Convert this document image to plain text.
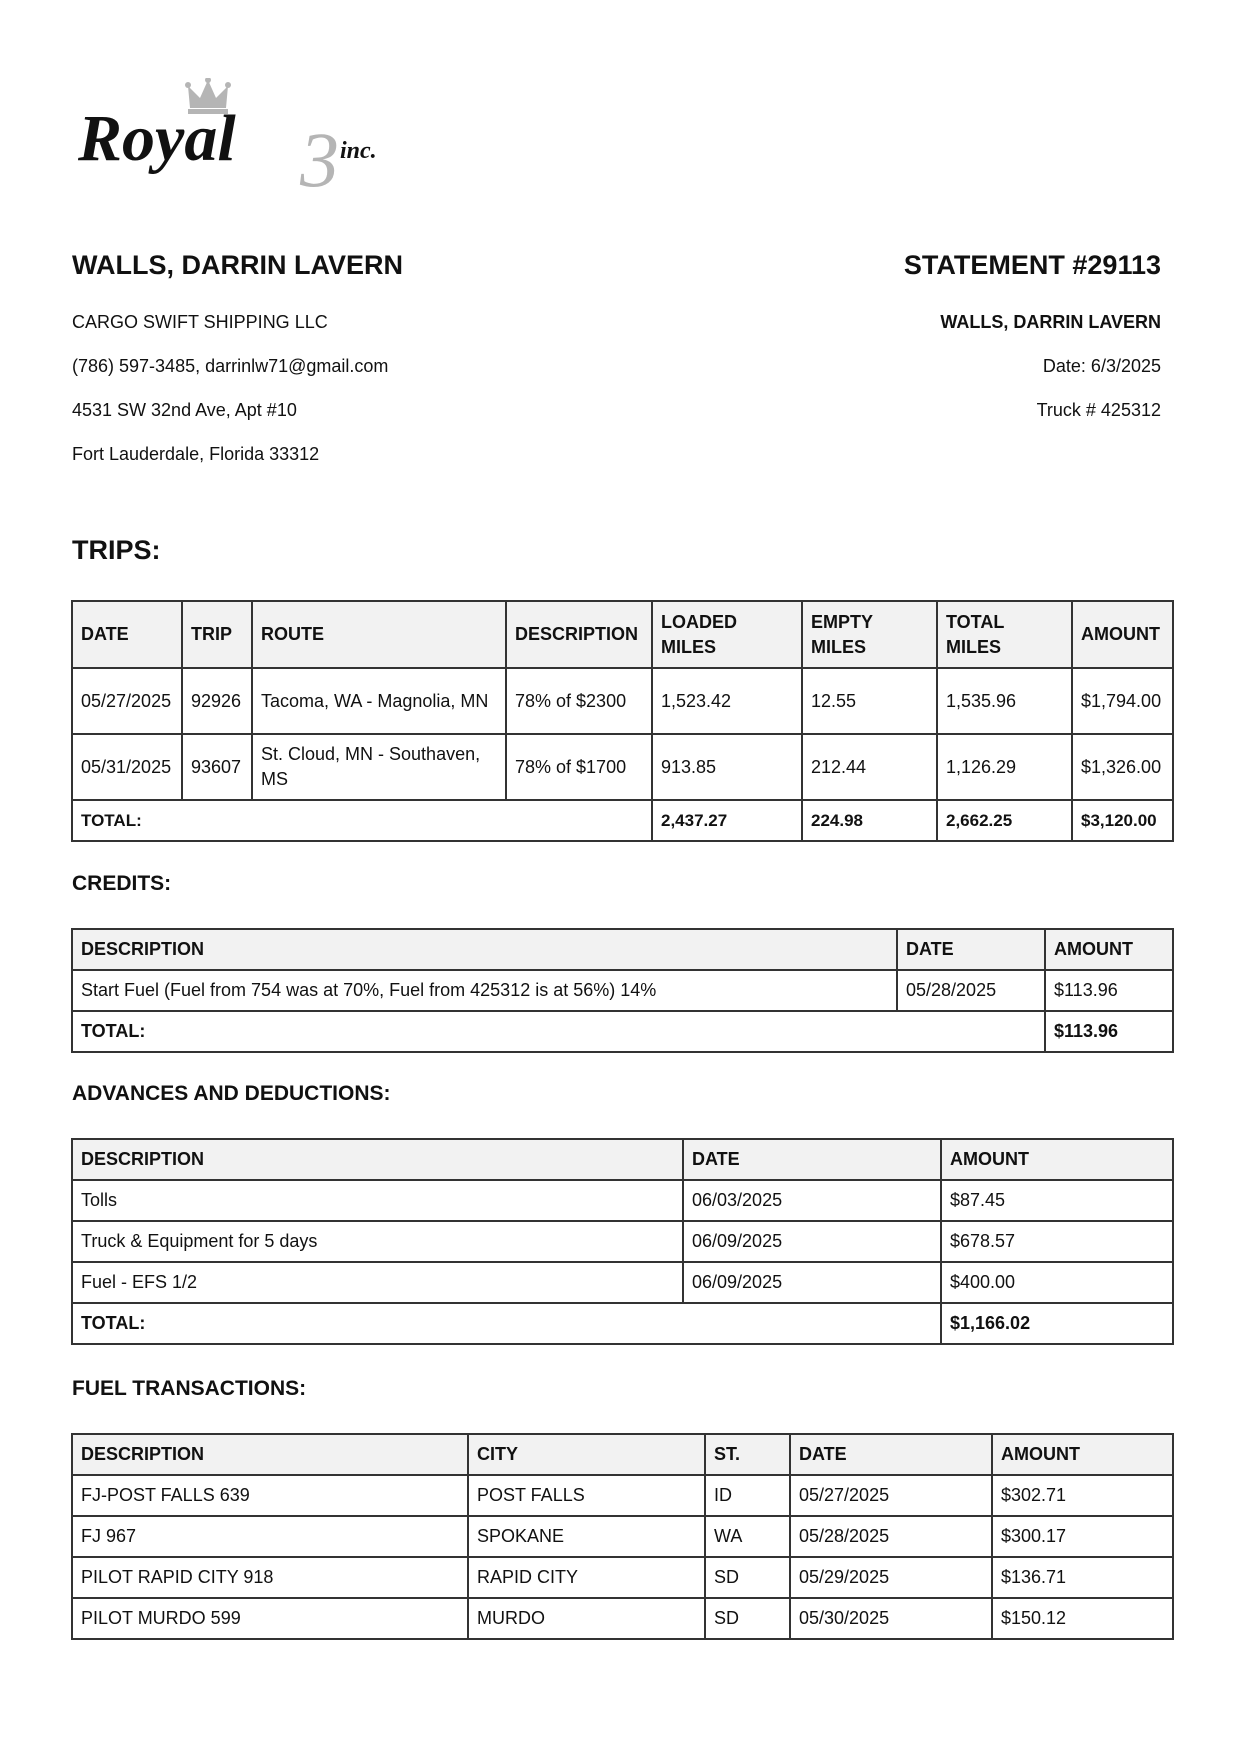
3
Royal	inc.
WALLS, DARRIN LAVERN	STATEMENT #29113
CARGO SWIFT SHIPPING LLC
(786) 597-3485, darrinlw71@gmail.com
4531 SW 32nd Ave, Apt #10
Fort Lauderdale, Florida 33312
WALLS, DARRIN LAVERN
Date: 6/3/2025
Truck # 425312
TRIPS:
DATE	TRIP	ROUTE	DESCRIPTION	LOADED MILES	EMPTY MILES	TOTAL MILES	AMOUNT
05/27/2025	92926	Tacoma, WA - Magnolia, MN	78% of $2300	1,523.42	12.55	1,535.96	$1,794.00
05/31/2025	93607	St. Cloud, MN - Southaven, MS	78% of $1700	913.85	212.44	1,126.29	$1,326.00
TOTAL:				2,437.27	224.98	2,662.25	$3,120.00
CREDITS:
DESCRIPTION	DATE	AMOUNT
Start Fuel (Fuel from 754 was at 70%, Fuel from 425312 is at 56%) 14%	05/28/2025	$113.96
TOTAL:		$113.96
ADVANCES AND DEDUCTIONS:
DESCRIPTION	DATE	AMOUNT
Tolls	06/03/2025	$87.45
Truck & Equipment for 5 days	06/09/2025	$678.57
Fuel - EFS 1/2	06/09/2025	$400.00
TOTAL:		$1,166.02
FUEL TRANSACTIONS:
DESCRIPTION	CITY	ST.	DATE	AMOUNT
FJ-POST FALLS 639	POST FALLS	ID	05/27/2025	$302.71
FJ 967	SPOKANE	WA	05/28/2025	$300.17
PILOT RAPID CITY 918	RAPID CITY	SD	05/29/2025	$136.71
PILOT MURDO 599	MURDO	SD	05/30/2025	$150.12
